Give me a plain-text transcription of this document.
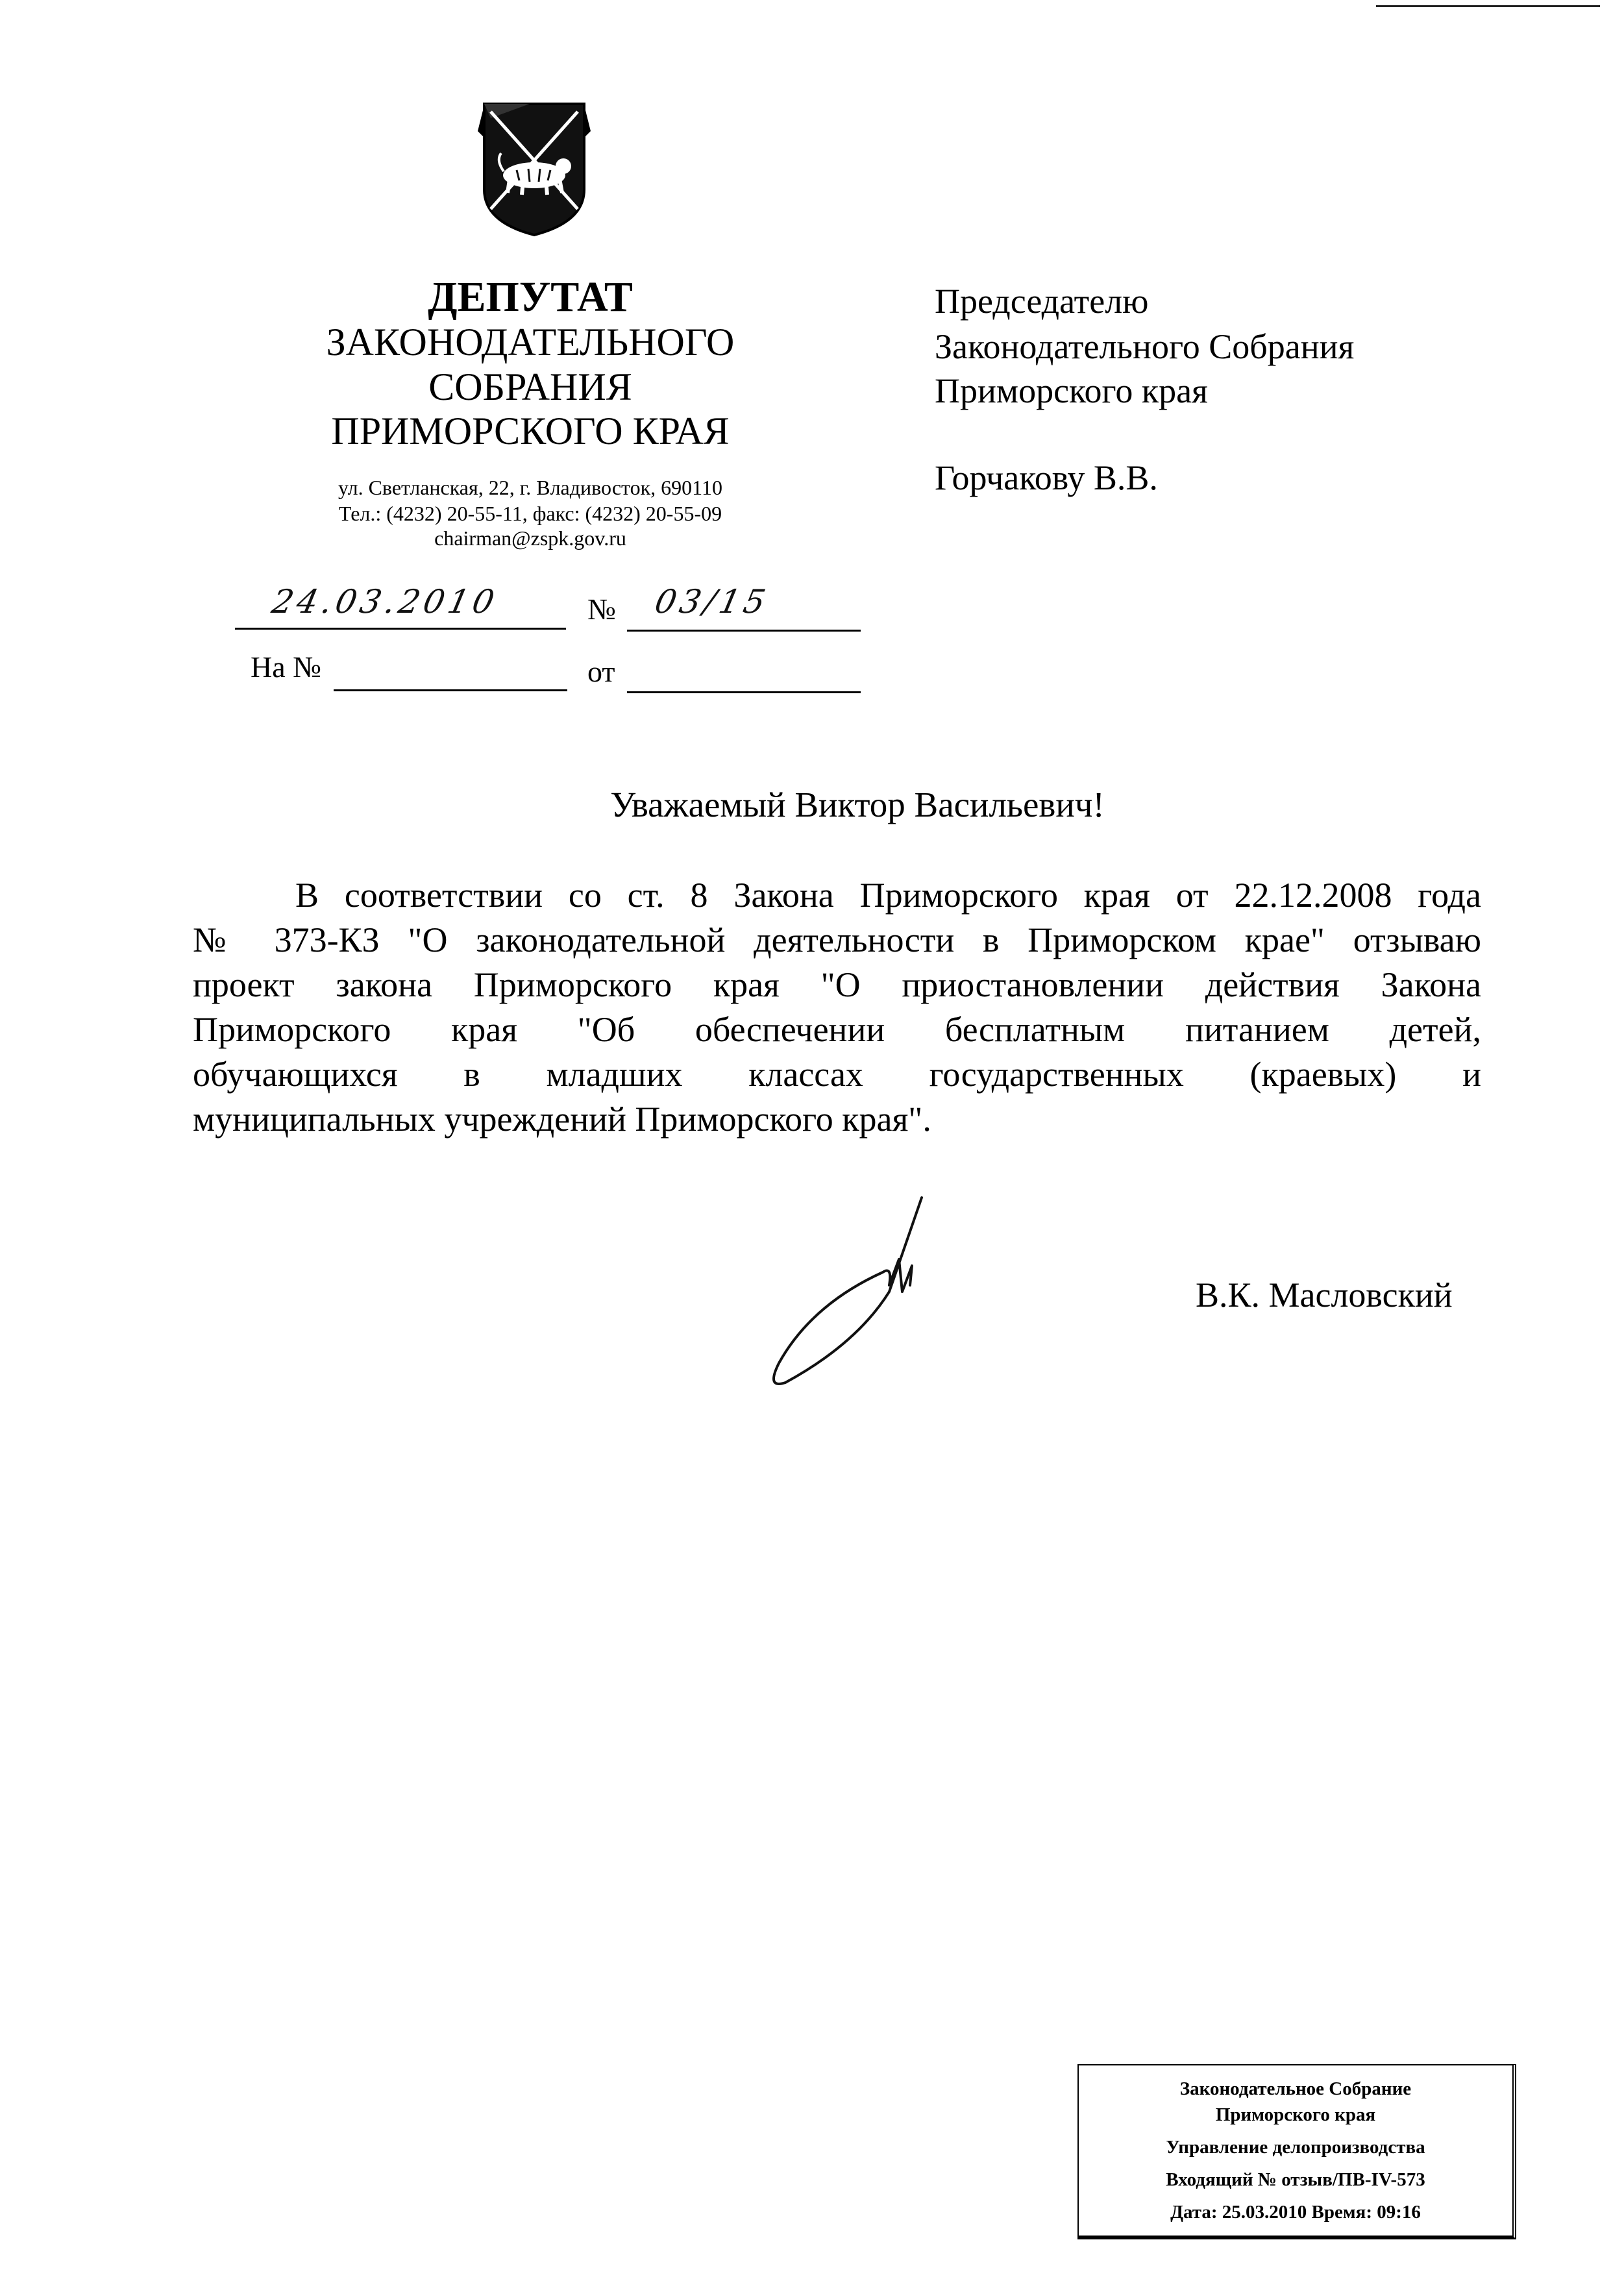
ДЕПУТАТ
ЗАКОНОДАТЕЛЬНОГО
СОБРАНИЯ
ПРИМОРСКОГО КРАЯ
ул. Светланская, 22, г. Владивосток, 690110
Тел.: (4232) 20-55-11, факс: (4232) 20-55-09
chairman@zspk.gov.ru
24.03.2010	№ 03/15
На №	от
Председателю
Законодательного Собрания
Приморского края
Горчакову В.В.
Уважаемый Виктор Васильевич!
В соответствии со ст. 8 Закона Приморского края от 22.12.2008 года
№ 373-КЗ "О законодательной деятельности в Приморском крае" отзываю
проект закона Приморского края "О приостановлении действия Закона
Приморского края "Об обеспечении бесплатным питанием детей,
обучающихся в младших классах государственных (краевых) и
муниципальных учреждений Приморского края".
В.К. Масловский
Законодательное Собрание
Приморского края
Управление делопроизводства
Входящий № отзыв/ПВ-IV-573
Дата: 25.03.2010 Время: 09:16
